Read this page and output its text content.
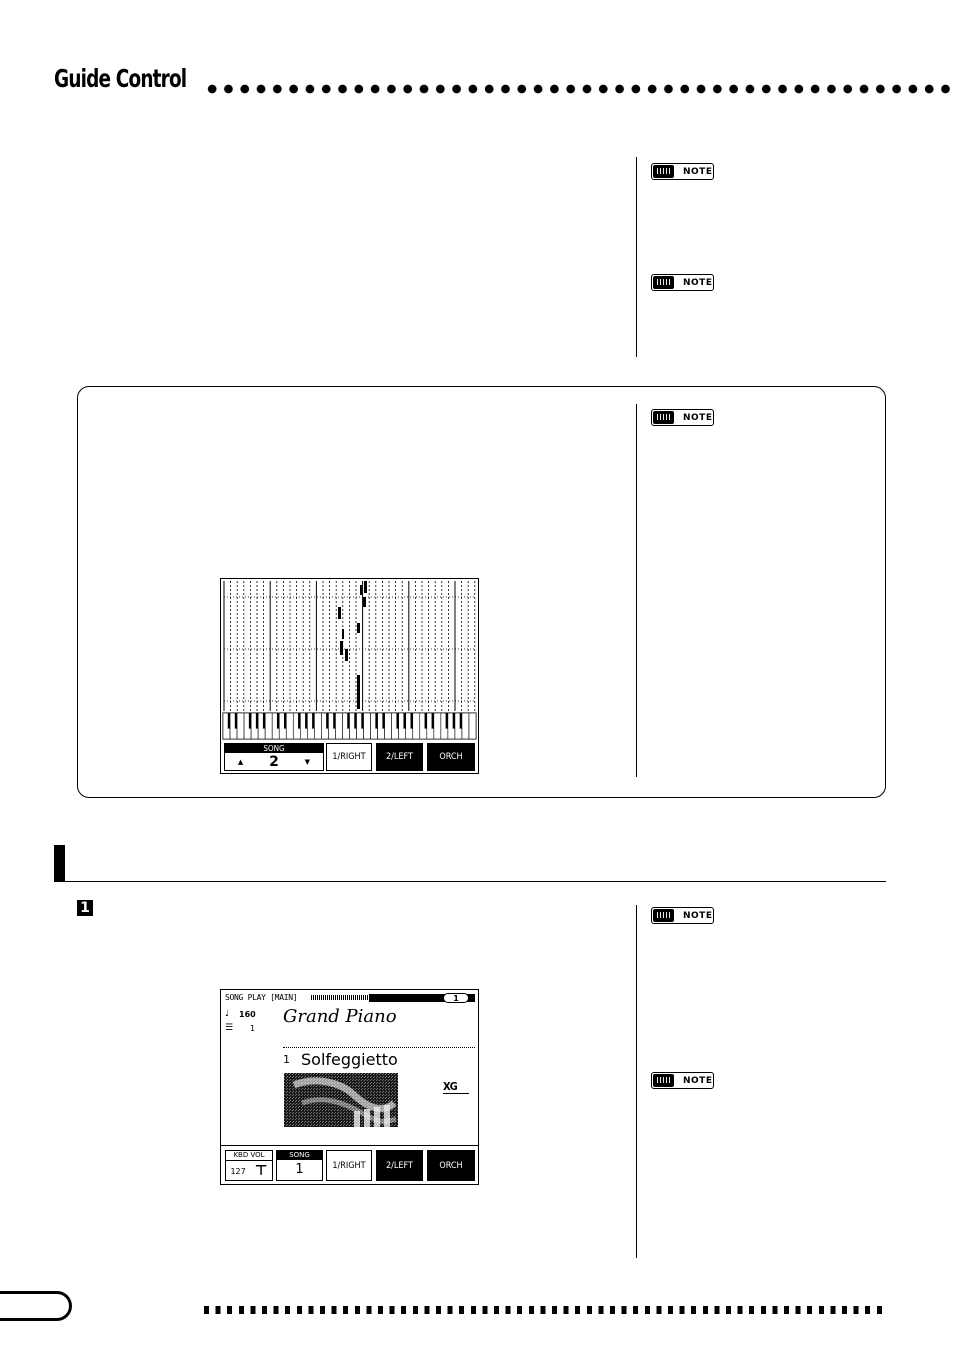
Guide Control
NOTE
NOTE
NOTE
NOTE
NOTE
SONG
▲ 2	▼	1/RIGHT	2/LEFT	ORCH
1
SONG PLAY [MAIN]	1
♩ 160
☰ 1
Grand Piano
1 Solfeggietto
XG
KBD VOL
127 ⊤
SONG
1	1/RIGHT	2/LEFT	ORCH
